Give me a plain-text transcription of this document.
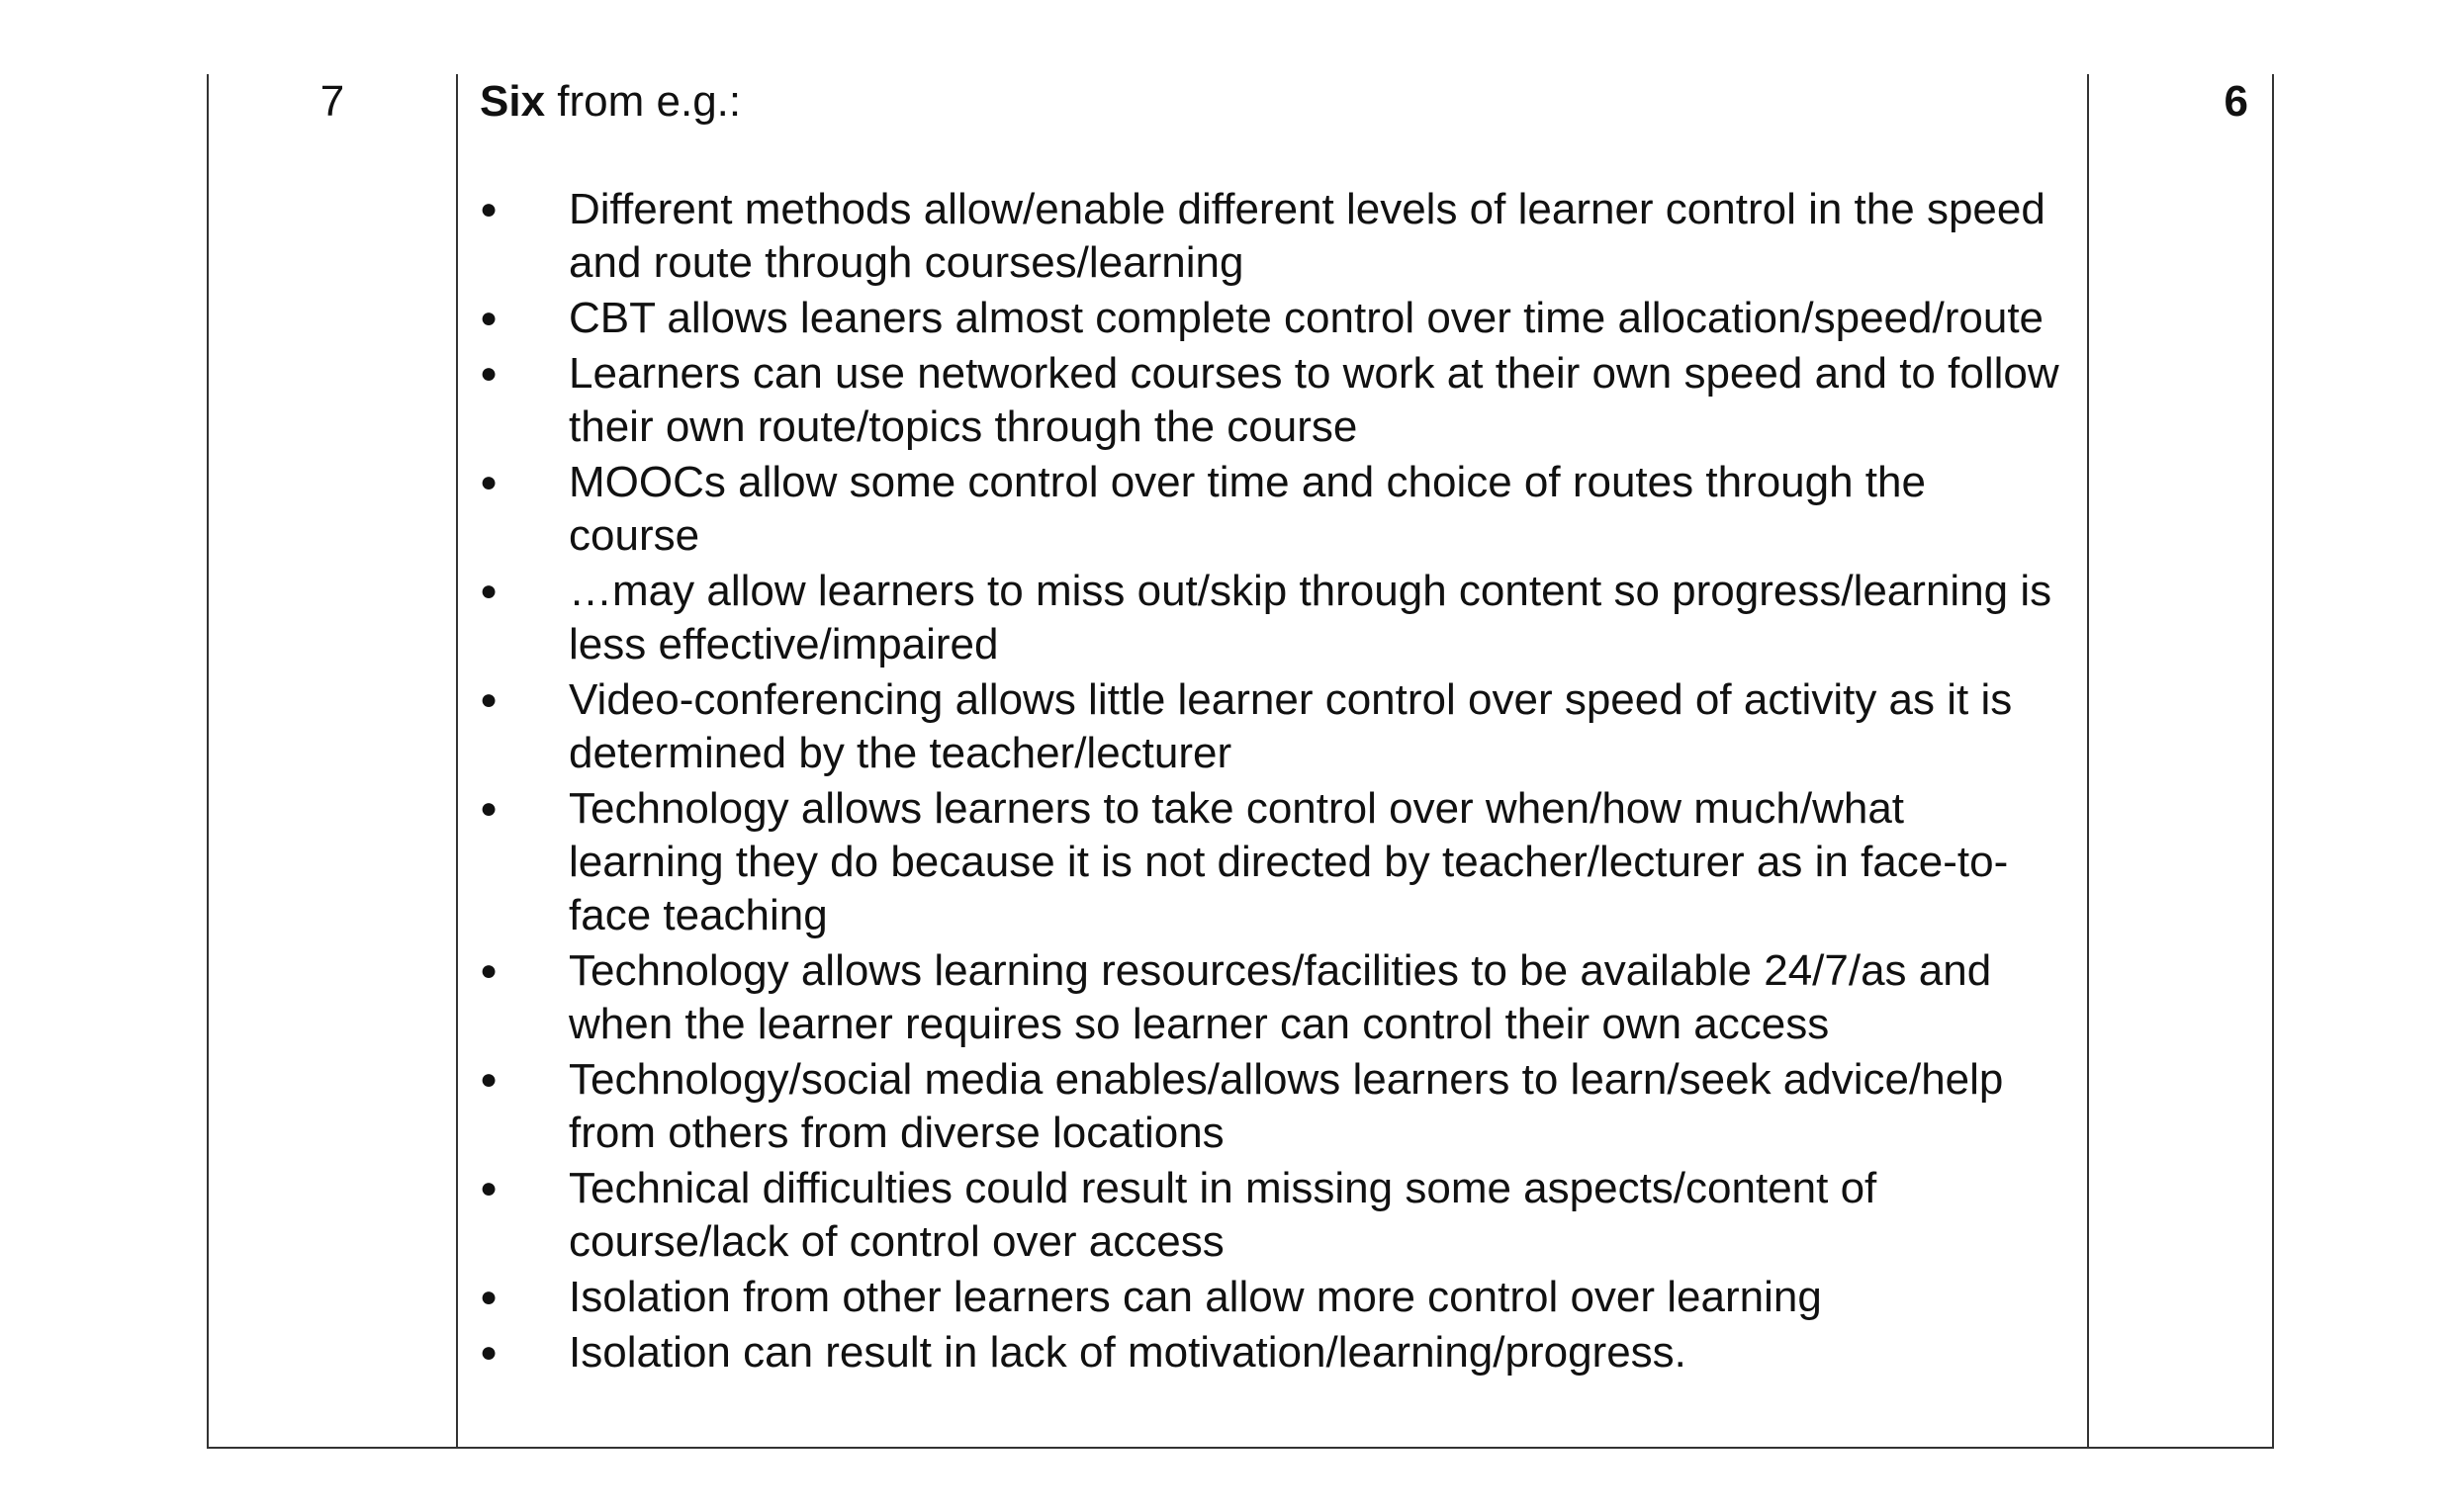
7	Six from e.g.:

● Different methods allow/enable different levels of learner control in the speed and route through courses/learning
● CBT allows leaners almost complete control over time allocation/speed/route
● Learners can use networked courses to work at their own speed and to follow their own route/topics through the course
● MOOCs allow some control over time and choice of routes through the course
● …may allow learners to miss out/skip through content so progress/learning is less effective/impaired
● Video-conferencing allows little learner control over speed of activity as it is determined by the teacher/lecturer
● Technology allows learners to take control over when/how much/what learning they do because it is not directed by teacher/lecturer as in face-to-face teaching
● Technology allows learning resources/facilities to be available 24/7/as and when the learner requires so learner can control their own access
● Technology/social media enables/allows learners to learn/seek advice/help from others from diverse locations
● Technical difficulties could result in missing some aspects/content of course/lack of control over access
● Isolation from other learners can allow more control over learning
● Isolation can result in lack of motivation/learning/progress.
6
